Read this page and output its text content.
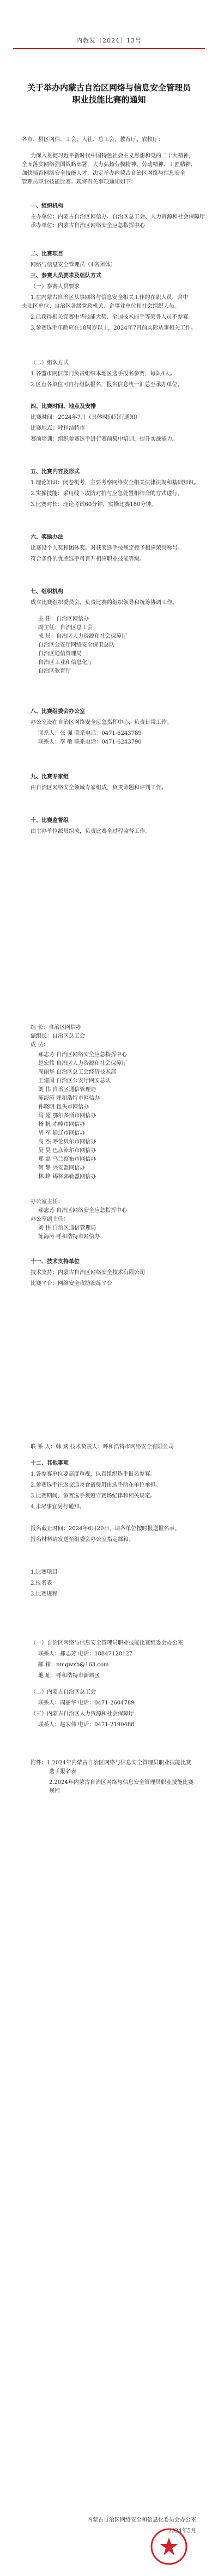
内教发〔2024〕13号
关于举办内蒙古自治区网络与信息安全管理员
职业技能比赛的通知
各市、县区网信、工会、人社、总工会，教育厅、农牧厅：
为深入贯彻习近平新时代中国特色社会主义思想和党的二十大精神，
全面落实网络强国战略部署，大力弘扬劳模精神、劳动精神、工匠精神，
加快培育网络安全技能人才，决定举办内蒙古自治区网络与信息安全
管理员职业技能比赛。现将有关事项通知如下：
一、组织机构
主办单位：内蒙古自治区网信办、自治区总工会、人力资源和社会保障厅
承办单位：内蒙古自治区网络安全应急指挥中心
二、比赛项目
网络与信息安全管理员（4名团体）
三、参赛人员要求及组队方式
（一）参赛人员要求
1.在内蒙古自治区从事网络与信息安全相关工作的在职人员，含中
央驻区单位、自治区各级党政机关、企事业单位和社会组织人员。
2.已获得相关竞赛中华技能大奖、全国技术能手等荣誉人员不参赛。
3.参赛选手年龄应在18周岁以上，2024年7月前实际从事相关工作。
（二）组队方式
1.各盟市网信部门负责组织本地区选手报名参赛，每队4人。
2.区直各单位可自行组队报名，报名信息统一汇总至承办单位。
四、比赛时间、地点及安排
比赛时间：2024年7月（具体时间另行通知）
比赛地点：呼和浩特市
赛前培训：组织参赛选手进行赛前集中培训，提升实战能力。
五、比赛内容及形式
1.理论知识：闭卷机考，主要考察网络安全相关法律法规和基础知识。
2.实操技能：采用线下攻防对抗与应急处置相结合的方式进行。
3.比赛时长：理论考试60分钟，实操比赛180分钟。
六、奖励办法
比赛设个人奖和团体奖。对获奖选手按规定授予相应荣誉称号。
符合条件的优胜选手可晋升相应职业技能等级。
七、组织机构
成立比赛组织委员会，负责比赛的组织领导和统筹协调工作。
主 任：自治区网信办
副主任：自治区总工会
成 员：自治区人力资源和社会保障厅
自治区公安厅网络安全保卫总队
自治区通信管理局
自治区工业和信息化厅
自治区教育厅
八、比赛组委会办公室
办公室设在自治区网络安全应急指挥中心，负责日常工作。
联系人：张 强 联系电话：0471-6243789
联系人：李 敏 联系电话：0471-6243790
九、比赛专家组
由自治区网络安全领域专家组成，负责命题和评判工作。
十、比赛监督组
由主办单位派员组成，负责比赛全过程监督工作。
组 长：自治区网信办
副组长：自治区总工会
成 员：
郝志芳 自治区网络安全应急指挥中心
赵宏伟 自治区人力资源和社会保障厅
周丽华 自治区总工会经济技术部
王建国 自治区公安厅网安总队
刘 伟 自治区通信管理局
陈海涛 呼和浩特市网信办
孙晓明 包头市网信办
马 超 鄂尔多斯市网信办
杨 帆 赤峰市网信办
胡 军 通辽市网信办
高 杰 呼伦贝尔市网信办
吴 昊 巴彦淖尔市网信办
郑 磊 乌兰察布市网信办
何 静 兴安盟网信办
林 峰 锡林郭勒盟网信办
办公室主任：
郝志芳 自治区网络安全应急指挥中心
办公室副主任：
刘 伟 自治区通信管理局
陈海涛 呼和浩特市网信办
十一、技术支持单位
技术支持：内蒙古自治区网络安全技术有限公司
比赛平台：网络安全攻防演练平台
联 系 人：韩 斌 技术负责人：呼和浩特市网络安全有限公司
十二、其他事项
1.各参赛单位要高度重视，认真组织选手报名参赛。
2.参赛选手往返交通及食宿费用由选手所在单位承担。
3.比赛期间，参赛选手须遵守赛场纪律和相关规定。
4.未尽事宜另行通知。
报名截止时间：2024年6月20日，请各单位按时报送报名表。
报名材料请发送至组委会办公室指定邮箱。
1.比赛项目
2.报名表
3.比赛规程
（一）自治区网络与信息安全管理员职业技能比赛组委会办公室
联系人：郝志芳 电话：18847120127
邮 箱：nmgwxb@163.com
地 址：呼和浩特市新城区
（二）内蒙古自治区总工会
联系人：周丽华 电话：0471-2604789
（三）内蒙古自治区人力资源和社会保障厅
联系人：赵宏伟 电话：0471-2190488
附件：1.2024年内蒙古自治区网络与信息安全管理员职业技能比赛
选手报名表
2.2024年内蒙古自治区网络与信息安全管理员职业技能比赛
规程
内蒙古自治区网络安全和信息化委员会办公室
2024年5月
